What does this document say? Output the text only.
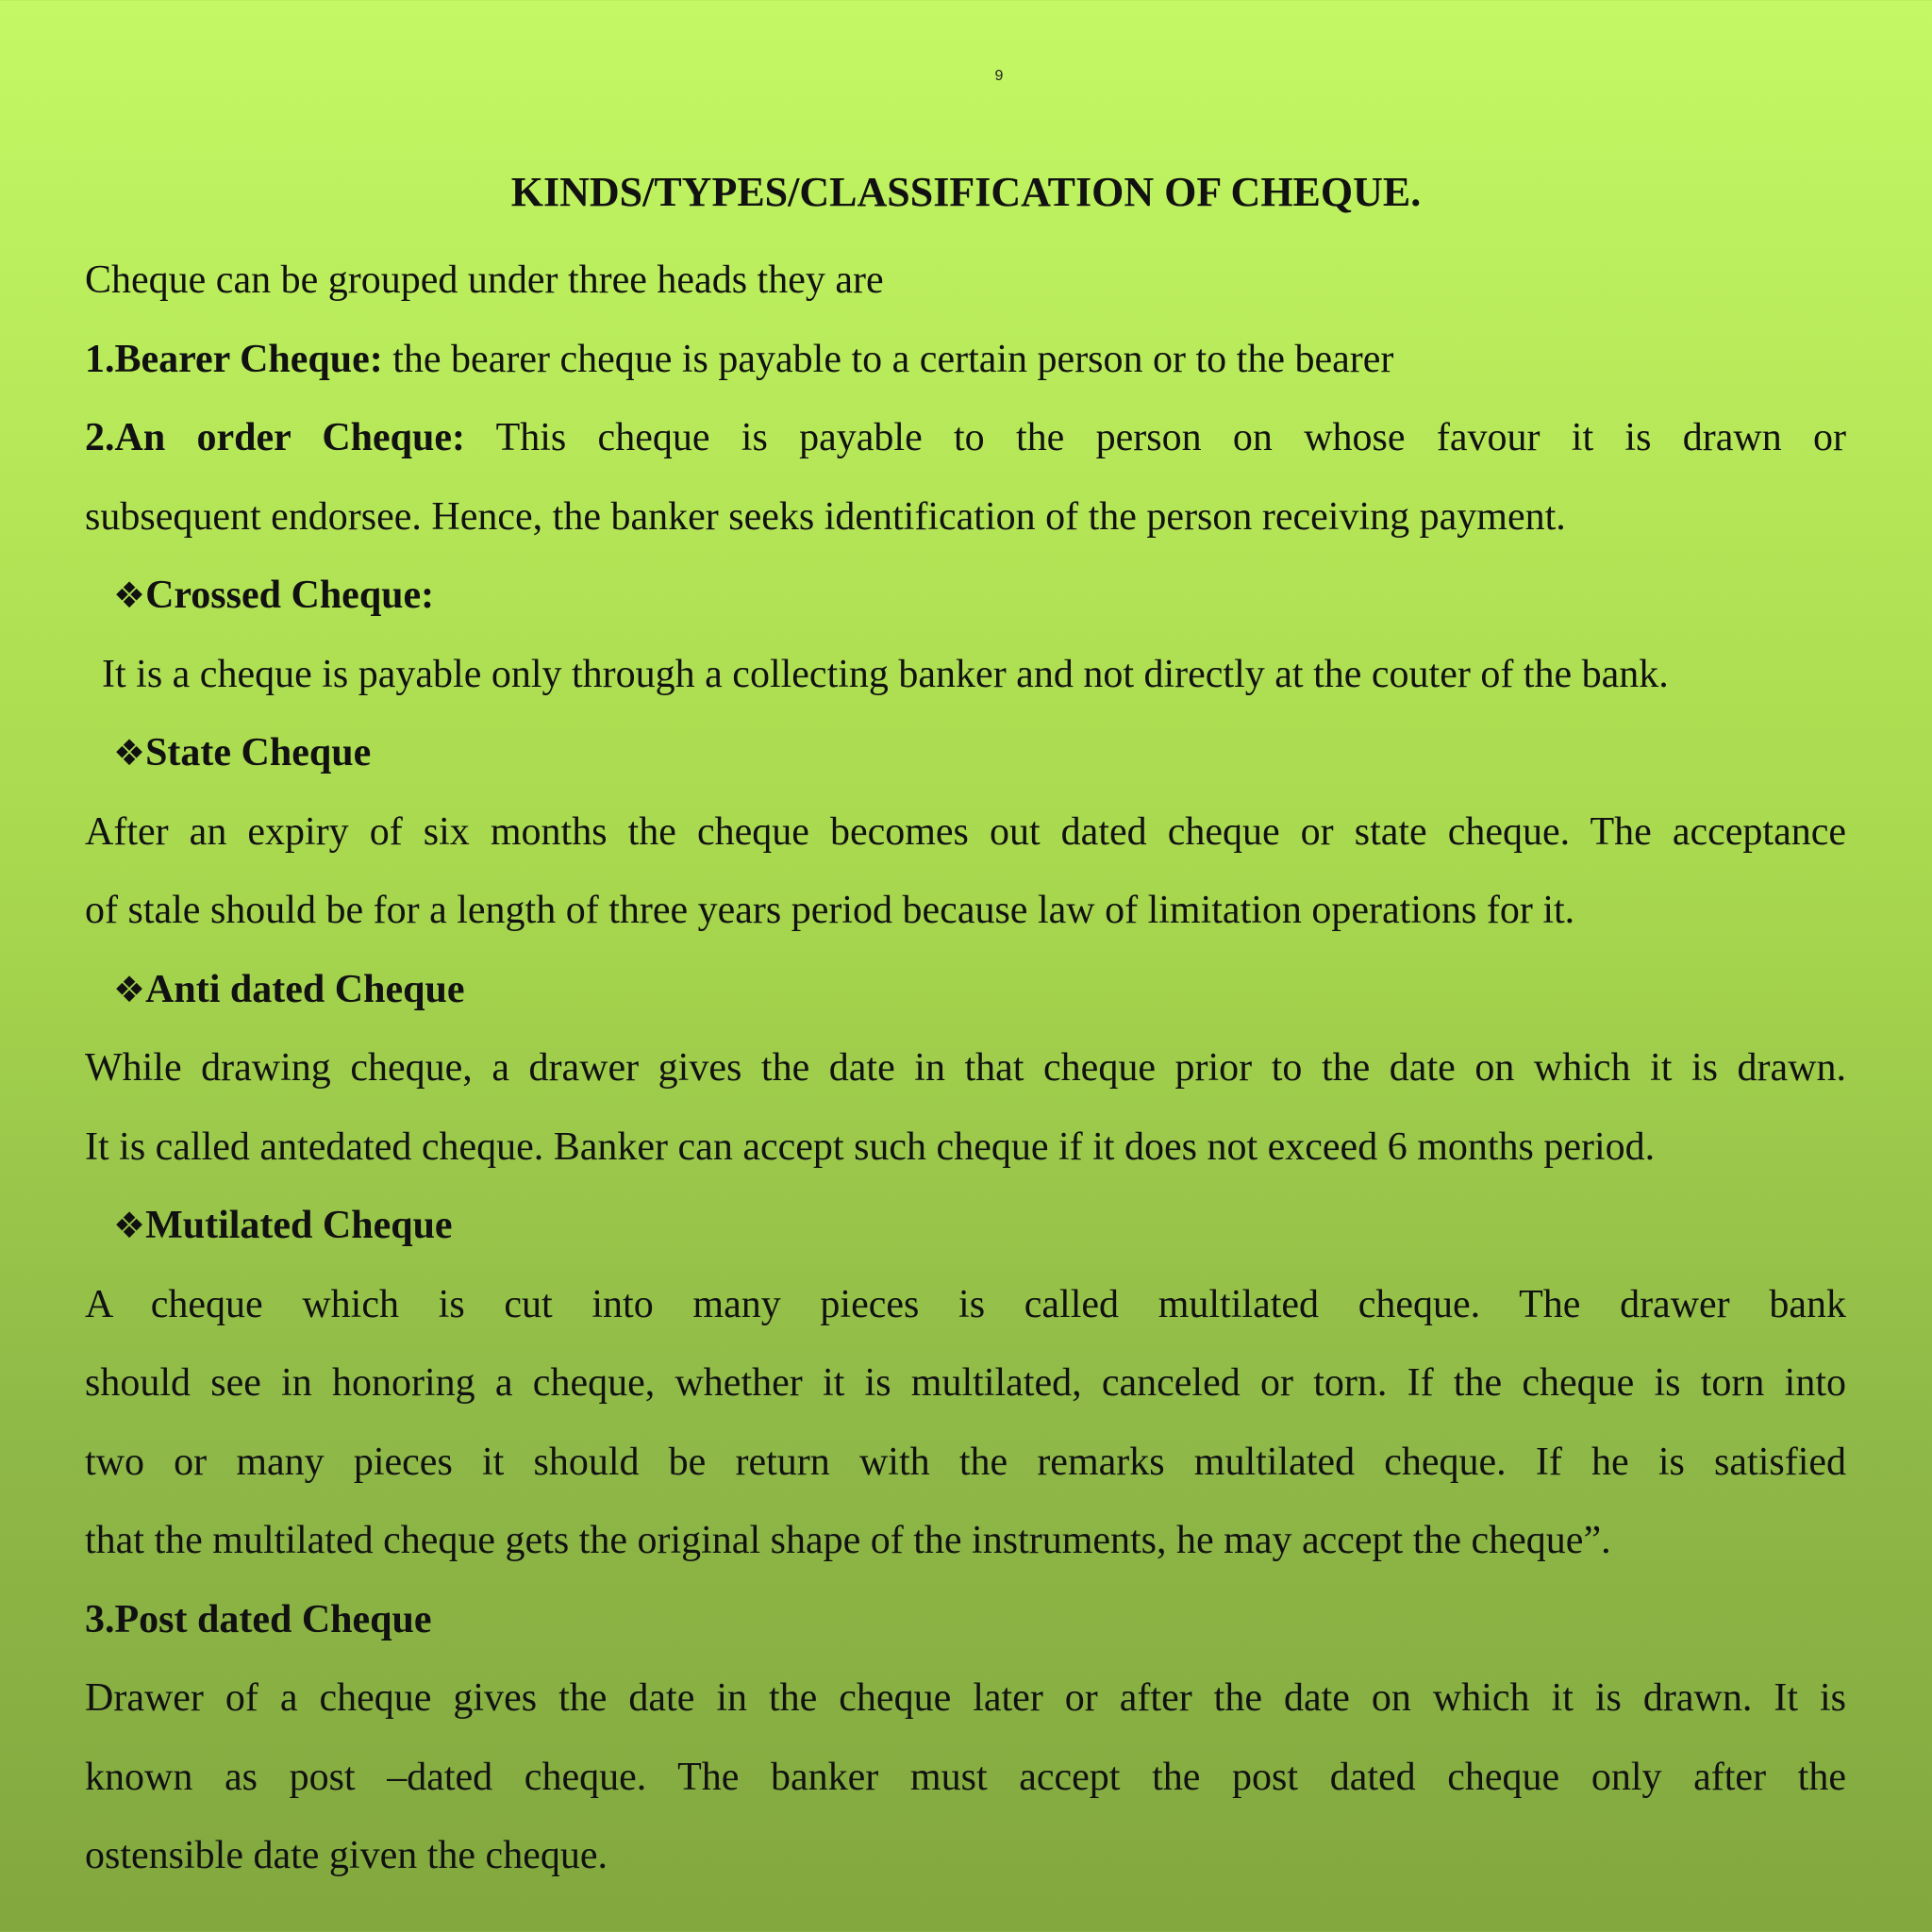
9
KINDS/TYPES/CLASSIFICATION OF CHEQUE.
Cheque can be grouped under three heads they are
1.Bearer Cheque: the bearer cheque is payable to a certain person or to the bearer
2.An order Cheque: This cheque is payable to the person on whose favour it is drawn or
subsequent endorsee. Hence, the banker seeks identification of the person receiving payment.
❖Crossed Cheque:
It is a cheque is payable only through a collecting banker and not directly at the couter of the bank.
❖State Cheque
After an expiry of six months the cheque becomes out dated cheque or state cheque. The acceptance
of stale should be for a length of three years period because law of limitation operations for it.
❖Anti dated Cheque
While drawing cheque, a drawer gives the date in that cheque prior to the date on which it is drawn.
It is called antedated cheque. Banker can accept such cheque if it does not exceed 6 months period.
❖Mutilated Cheque
A cheque which is cut into many pieces is called multilated cheque. The drawer bank
should see in honoring a cheque, whether it is multilated, canceled or torn. If the cheque is torn into
two or many pieces it should be return with the remarks multilated cheque. If he is satisfied
that the multilated cheque gets the original shape of the instruments, he may accept the cheque”.
3.Post dated Cheque
Drawer of a cheque gives the date in the cheque later or after the date on which it is drawn. It is
known as post –dated cheque. The banker must accept the post dated cheque only after the
ostensible date given the cheque.
